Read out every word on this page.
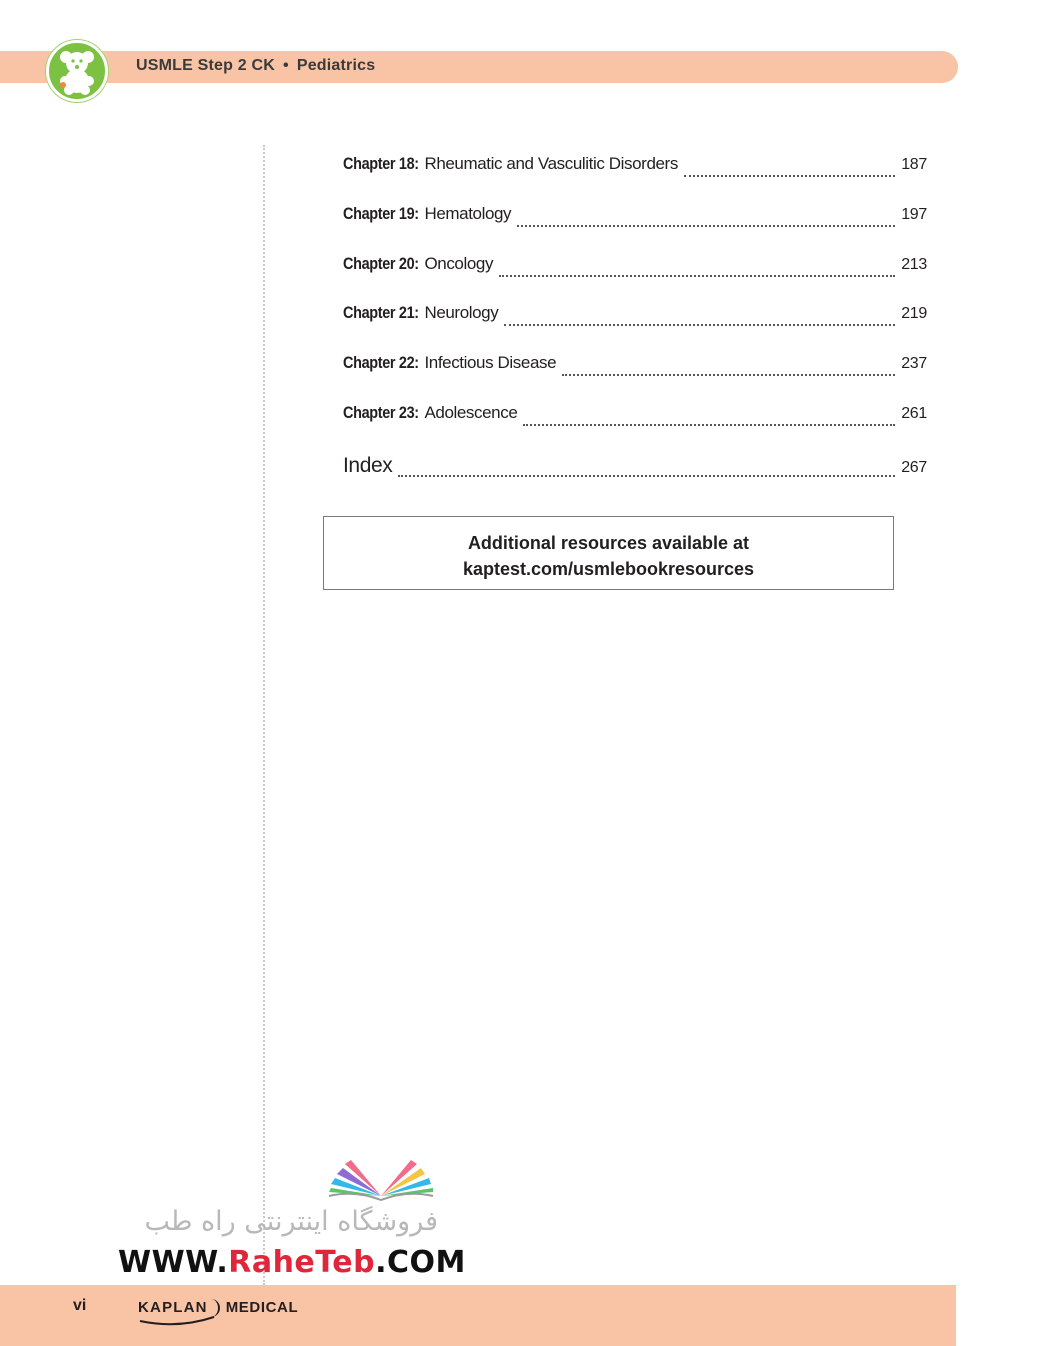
USMLE Step 2 CK • Pediatrics
Chapter 18: Rheumatic and Vasculitic Disorders	187
Chapter 19: Hematology	197
Chapter 20: Oncology	213
Chapter 21: Neurology	219
Chapter 22: Infectious Disease	237
Chapter 23: Adolescence	261
Index	267
Additional resources available at
kaptest.com/usmlebookresources
فروشگاه اینترنتی راه طب
WWW.RaheTeb.COM
vi	KAPLAN MEDICAL
